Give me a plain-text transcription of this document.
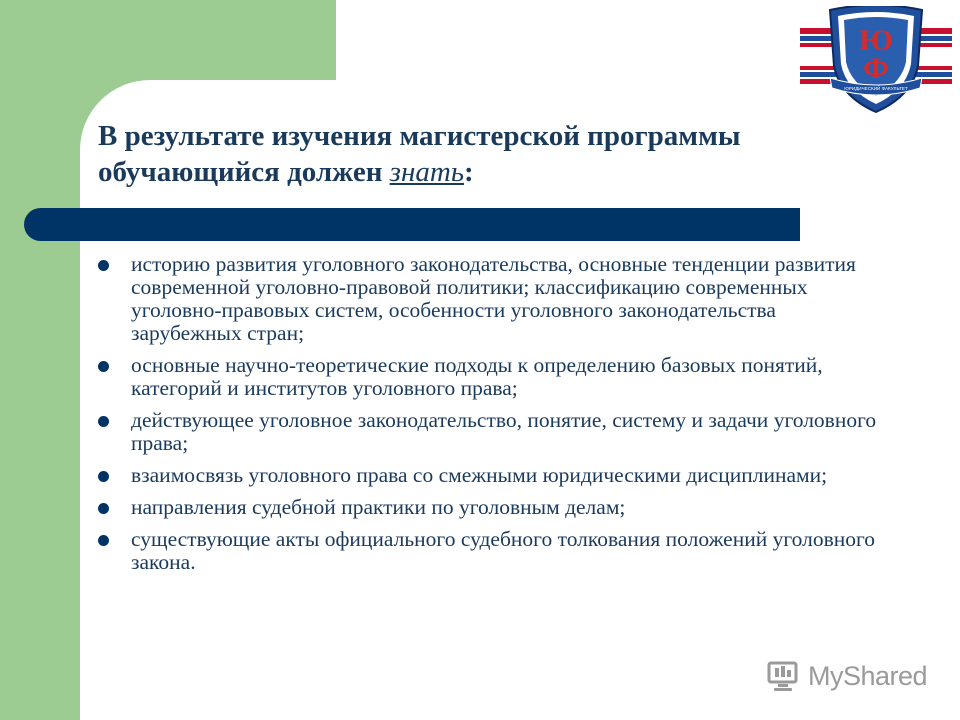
В результате изучения магистерской программы обучающийся должен знать:
историю развития уголовного законодательства, основные тенденции развития современной уголовно-правовой политики; классификацию современных уголовно-правовых систем, особенности уголовного законодательства зарубежных стран;
основные научно-теоретические подходы к определению базовых понятий, категорий и институтов уголовного права;
действующее уголовное законодательство, понятие, систему и задачи уголовного права;
взаимосвязь уголовного права со смежными юридическими дисциплинами;
направления судебной практики по уголовным делам;
существующие акты официального судебного толкования положений уголовного закона.
Ю
Ф
ЮРИДИЧЕСКИЙ ФАКУЛЬТЕТ
MyShared
